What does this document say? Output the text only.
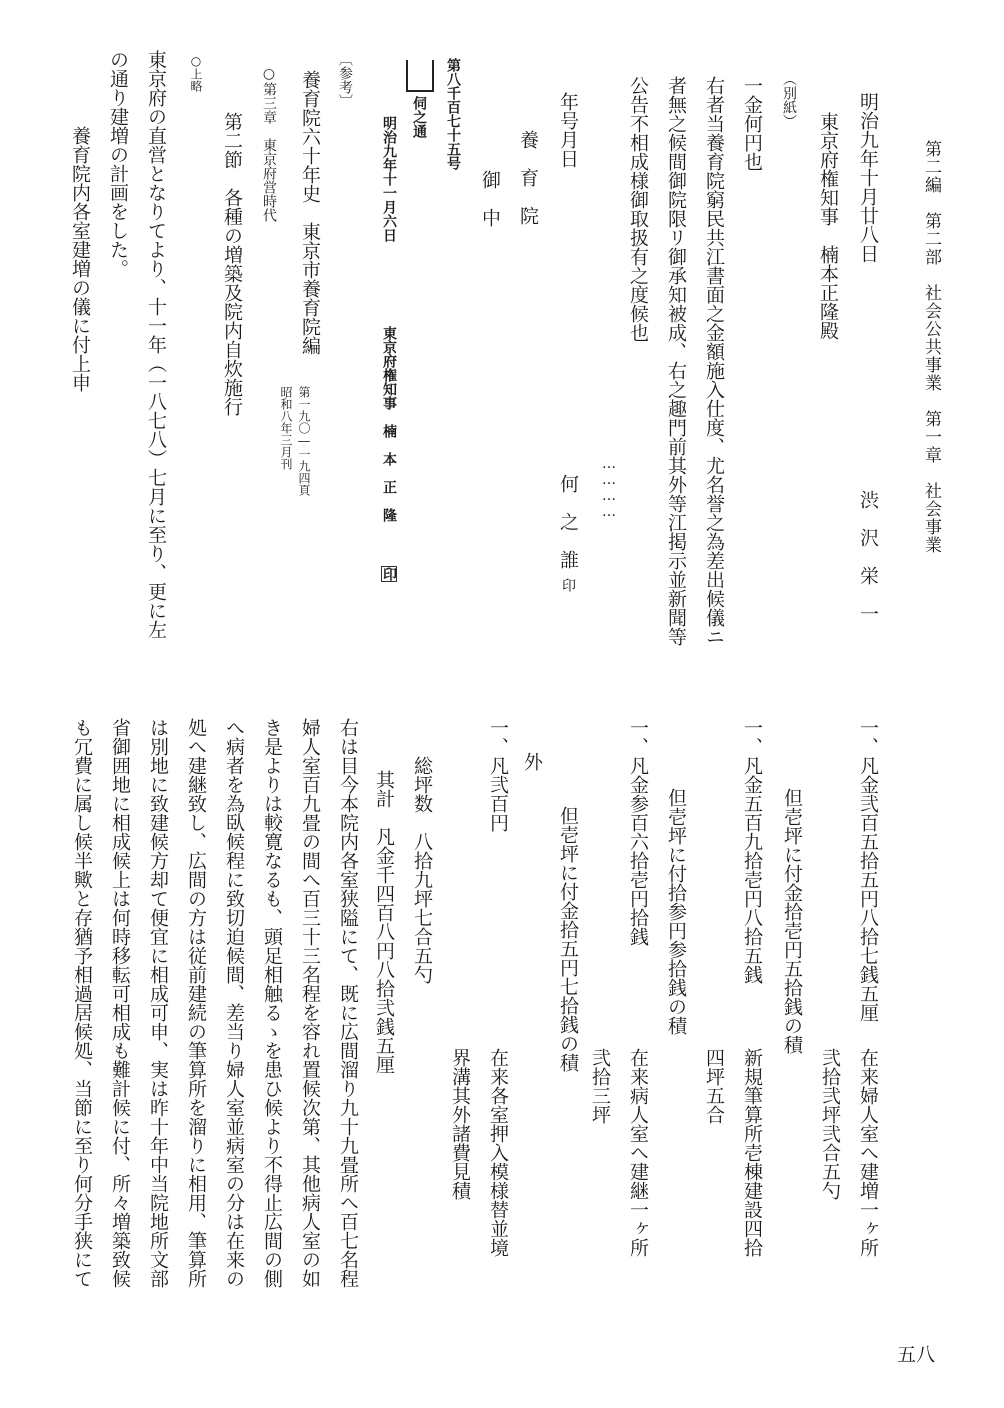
第二編　第二部　社会公共事業　第一章　社会事業
五八
明治九年十月廿八日
渋　沢　栄　一
東京府権知事　楠本正隆殿
（別紙）
一金何円也
右者当養育院窮民共江書面之金額施入仕度、尤名誉之為差出候儀ニ
者無之候間御院限リ御承知被成、右之趣門前其外等江掲示並新聞等
公告不相成様御取扱有之度候也
…………
年号月日
何　之　誰
印
養　育　院
御　中
第八千百七十五号
伺之通
明治九年十一月六日
東京府権知事　楠　本　正　隆
印
〔参考〕
養育院六十年史　東京市養育院編
第一九〇―一九四頁
昭和八年三月刊
○第三章　東京府営時代
第二節　各種の増築及院内自炊施行
○上略
東京府の直営となりてより、十一年（一八七八）七月に至り、更に左
の通り建増の計画をした。
養育院内各室建増の儀に付上申
一、凡金弐百五拾五円八拾七銭五厘
在来婦人室へ建増一ヶ所
弐拾弐坪弐合五勺
但壱坪に付金拾壱円五拾銭の積
一、凡金五百九拾壱円八拾五銭
新規筆算所壱棟建設四拾
四坪五合
但壱坪に付拾参円参拾銭の積
一、凡金参百六拾壱円拾銭
在来病人室へ建継一ヶ所
弐拾三坪
但壱坪に付金拾五円七拾銭の積
外
一、凡弐百円
在来各室押入模様替並境
界溝其外諸費見積
総坪数　八拾九坪七合五勺
其計　凡金千四百八円八拾弐銭五厘
右は目今本院内各室狭隘にて、既に広間溜り九十九畳所へ百七名程
婦人室百九畳の間へ百三十三名程を容れ置候次第、其他病人室の如
き是よりは較寛なるも、頭足相触るゝを患ひ候より不得止広間の側
へ病者を為臥候程に致切迫候間、差当り婦人室並病室の分は在来の
処へ建継致し、広間の方は従前建続の筆算所を溜りに相用、筆算所
は別地に致建候方却て便宜に相成可申、実は昨十年中当院地所文部
省御囲地に相成候上は何時移転可相成も難計候に付、所々増築致候
も冗費に属し候半歟と存猶予相過居候処、当節に至り何分手狭にて
